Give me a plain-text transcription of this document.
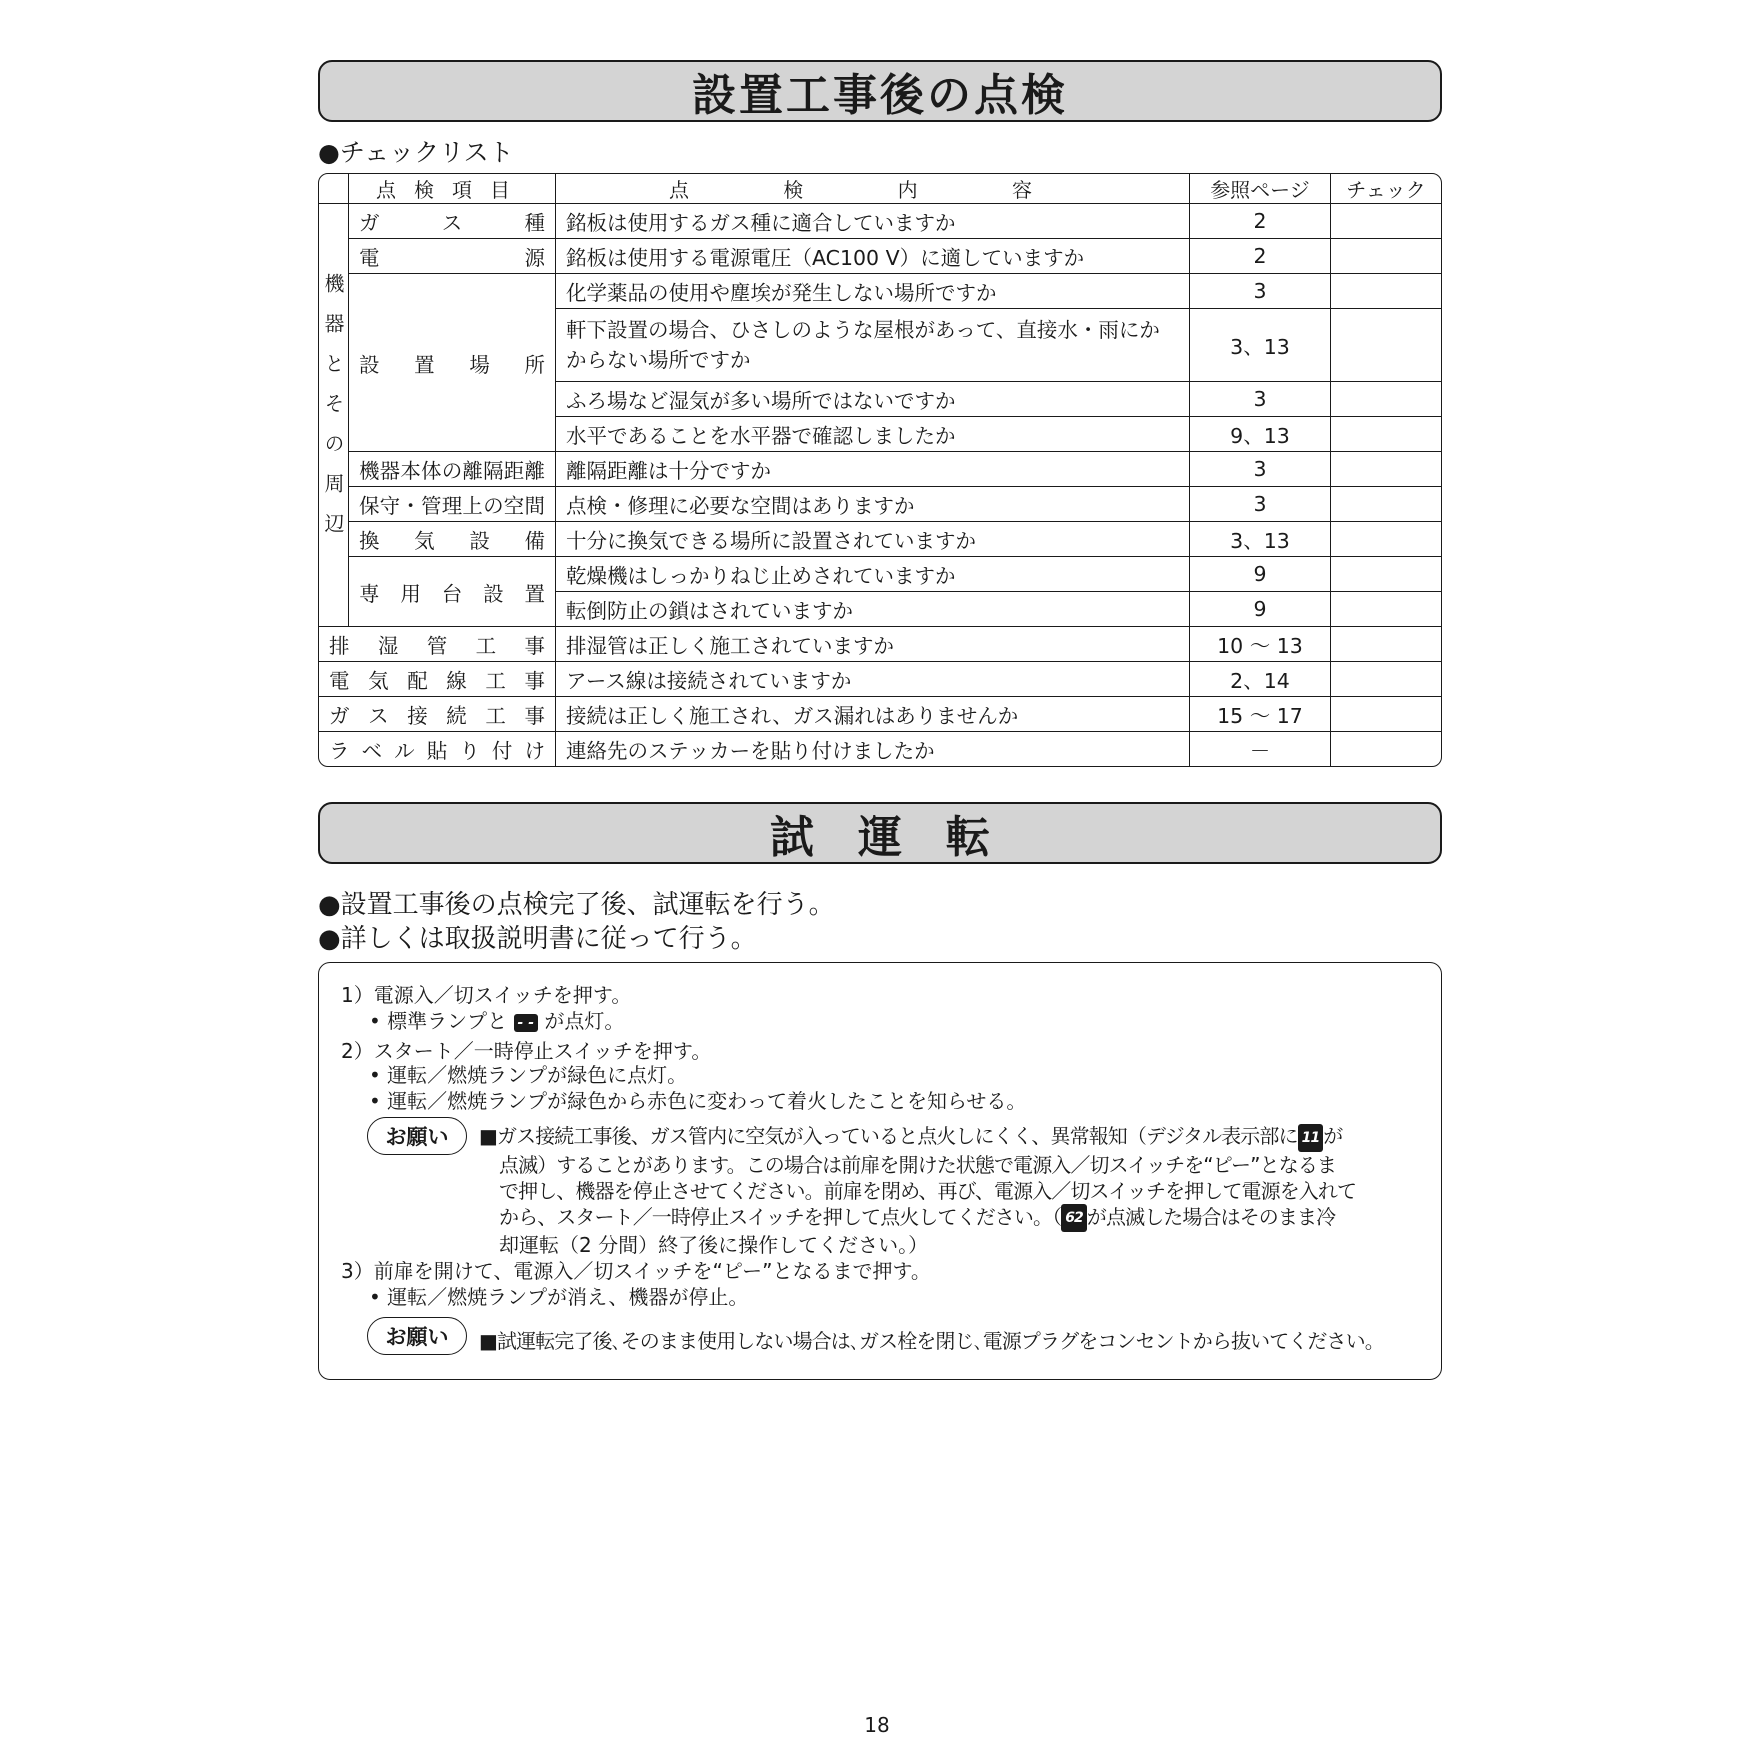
設置工事後の点検
●チェックリスト
	点検項目	点 検 内 容	参照ページ	チェック
機器とその周辺	ガス種	銘板は使用するガス種に適合していますか	2	
	電源	銘板は使用する電源電圧（AC100 V）に適していますか	2	
	設置場所	化学薬品の使用や塵埃が発生しない場所ですか	3	
		軒下設置の場合、ひさしのような屋根があって、直接水・雨にかからない場所ですか	3、13	
		ふろ場など湿気が多い場所ではないですか	3	
		水平であることを水平器で確認しましたか	9、13	
	機器本体の離隔距離	離隔距離は十分ですか	3	
	保守・管理上の空間	点検・修理に必要な空間はありますか	3	
	換気設備	十分に換気できる場所に設置されていますか	3、13	
	専用台設置	乾燥機はしっかりねじ止めされていますか	9	
		転倒防止の鎖はされていますか	9	
排湿管工事		排湿管は正しく施工されていますか	10 ～ 13	
電気配線工事		アース線は接続されていますか	2、14	
ガス接続工事		接続は正しく施工され、ガス漏れはありませんか	15 ～ 17	
ラベル貼り付け		連絡先のステッカーを貼り付けましたか	－	
試運転
●設置工事後の点検完了後、試運転を行う。
●詳しくは取扱説明書に従って行う。
1）電源入／切スイッチを押す。
• 標準ランプと - - が点灯。
2）スタート／一時停止スイッチを押す。
• 運転／燃焼ランプが緑色に点灯。
• 運転／燃焼ランプが緑色から赤色に変わって着火したことを知らせる。
お願い	■ガス接続工事後、ガス管内に空気が入っていると点火しにくく、異常報知（デジタル表示部に 11 が
点滅）することがあります。この場合は前扉を開けた状態で電源入／切スイッチを“ピー”となるま
で押し、機器を停止させてください。前扉を閉め、再び、電源入／切スイッチを押して電源を入れて
から、スタート／一時停止スイッチを押して点火してください。（ 62 が点滅した場合はそのまま冷
却運転（2 分間）終了後に操作してください。）
3）前扉を開けて、電源入／切スイッチを“ピー”となるまで押す。
• 運転／燃焼ランプが消え、機器が停止。
お願い	■試運転完了後､そのまま使用しない場合は､ガス栓を閉じ､電源プラグをコンセントから抜いてください。
18
